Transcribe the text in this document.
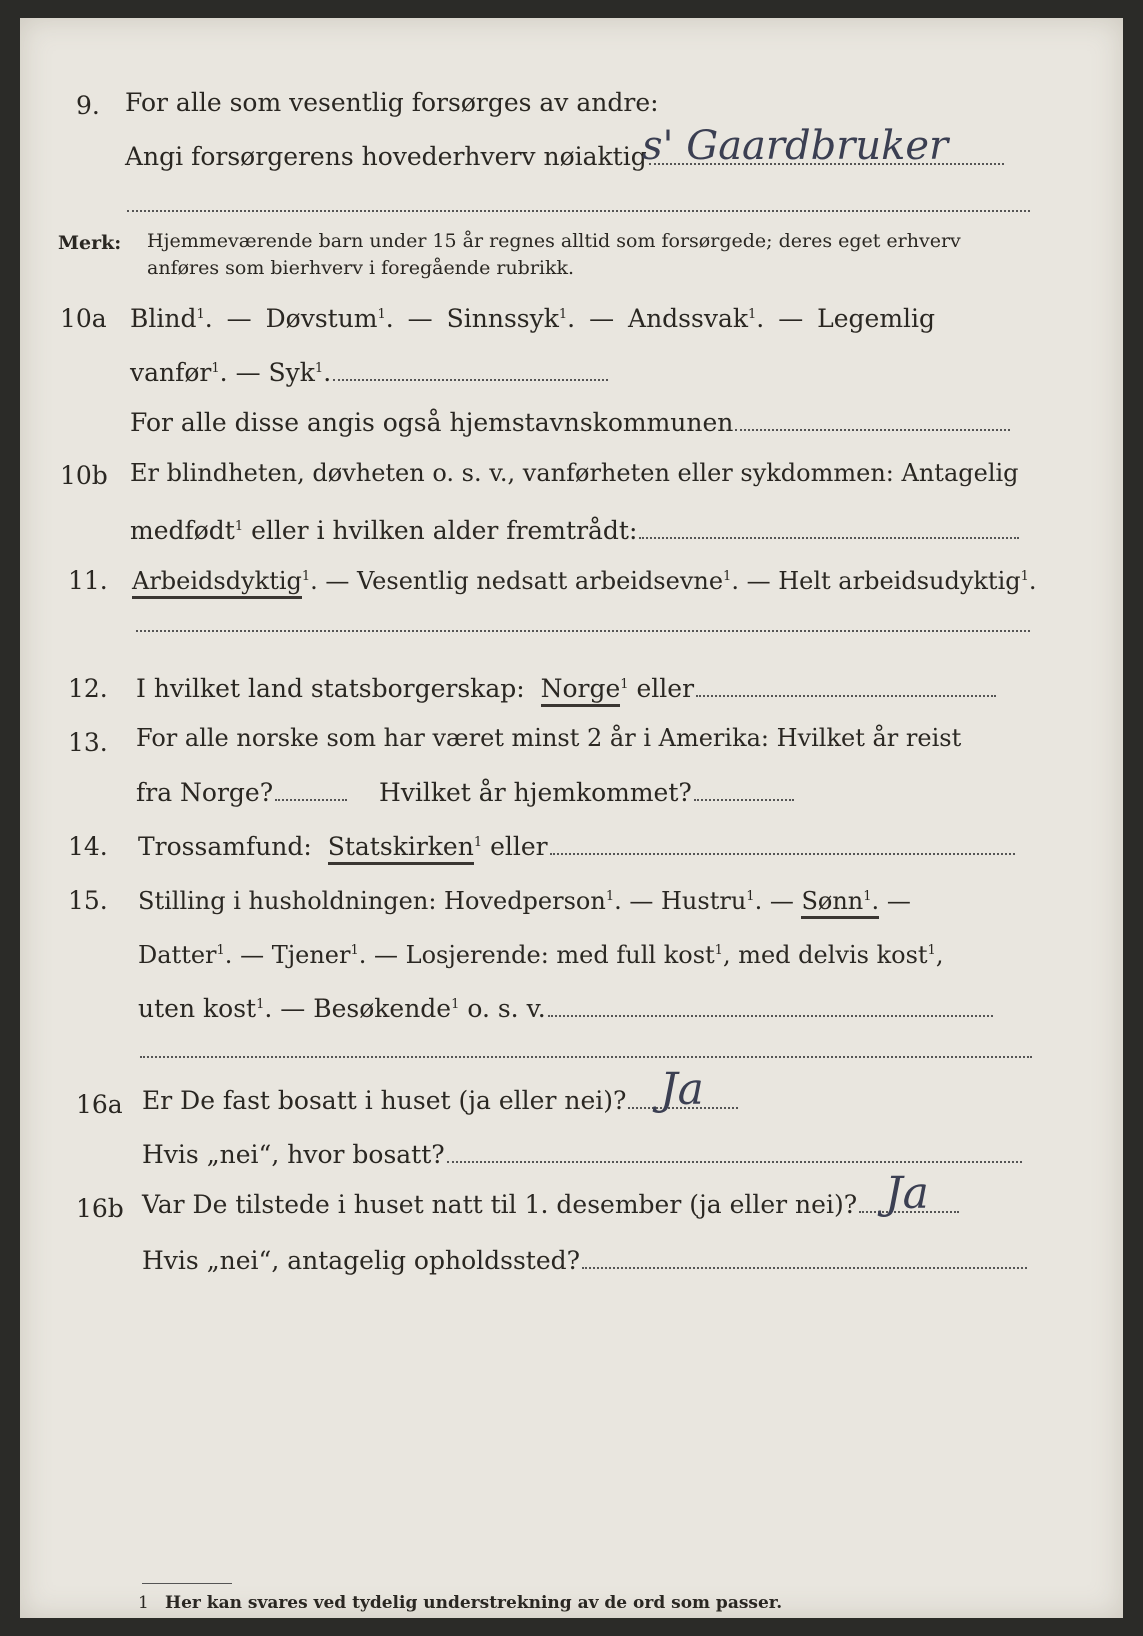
9. For alle som vesentlig forsørges av andre:
Angi forsørgerens hovederhverv nøiaktig
s' Gaardbruker
Merk: Hjemmeværende barn under 15 år regnes alltid som forsørgede; deres eget erhverv
anføres som bierhverv i foregående rubrikk.
10a Blind$^1$. — Døvstum$^1$. — Sinnssyk$^1$. — Andssvak$^1$. — Legemlig
vanfør$^1$. — Syk$^1$.
For alle disse angis også hjemstavnskommunen
10b Er blindheten, døvheten o. s. v., vanførheten eller sykdommen: Antagelig
medfødt$^1$ eller i hvilken alder fremtrådt:
11. Arbeidsdyktig$^1$. — Vesentlig nedsatt arbeidsevne$^1$. — Helt arbeidsudyktig$^1$.
12. I hvilket land statsborgerskap: Norge$^1$ eller
13. For alle norske som har været minst 2 år i Amerika: Hvilket år reist
fra Norge?	Hvilket år hjemkommet?
14. Trossamfund: Statskirken$^1$ eller
15. Stilling i husholdningen: Hovedperson$^1$. — Hustru$^1$. — Sønn$^1$. —
Datter$^1$. — Tjener$^1$. — Losjerende: med full kost$^1$, med delvis kost$^1$,
uten kost$^1$. — Besøkende$^1$ o. s. v.
16a Er De fast bosatt i huset (ja eller nei)? Ja
Hvis „nei“, hvor bosatt?
16b Var De tilstede i huset natt til 1. desember (ja eller nei)? Ja
Hvis „nei“, antagelig opholdssted?
1 Her kan svares ved tydelig understrekning av de ord som passer.
